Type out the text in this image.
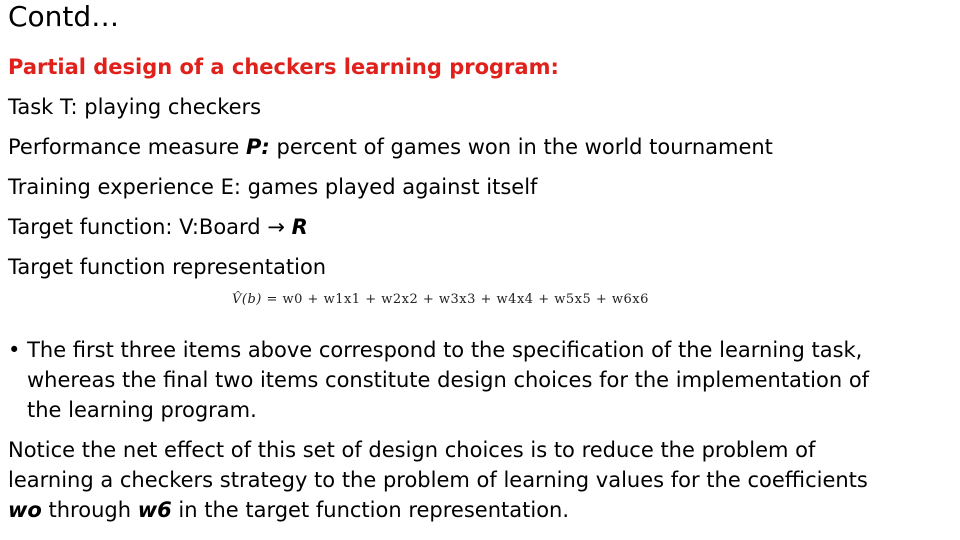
Contd…
Partial design of a checkers learning program:
Task T: playing checkers
Performance measure P: percent of games won in the world tournament
Training experience E: games played against itself
Target function: V:Board → R
Target function representation
V̂(b) = w0 + w1x1 + w2x2 + w3x3 + w4x4 + w5x5 + w6x6
• The first three items above correspond to the specification of the learning task,
whereas the final two items constitute design choices for the implementation of
the learning program.
Notice the net effect of this set of design choices is to reduce the problem of
learning a checkers strategy to the problem of learning values for the coefficients
wo through w6 in the target function representation.
